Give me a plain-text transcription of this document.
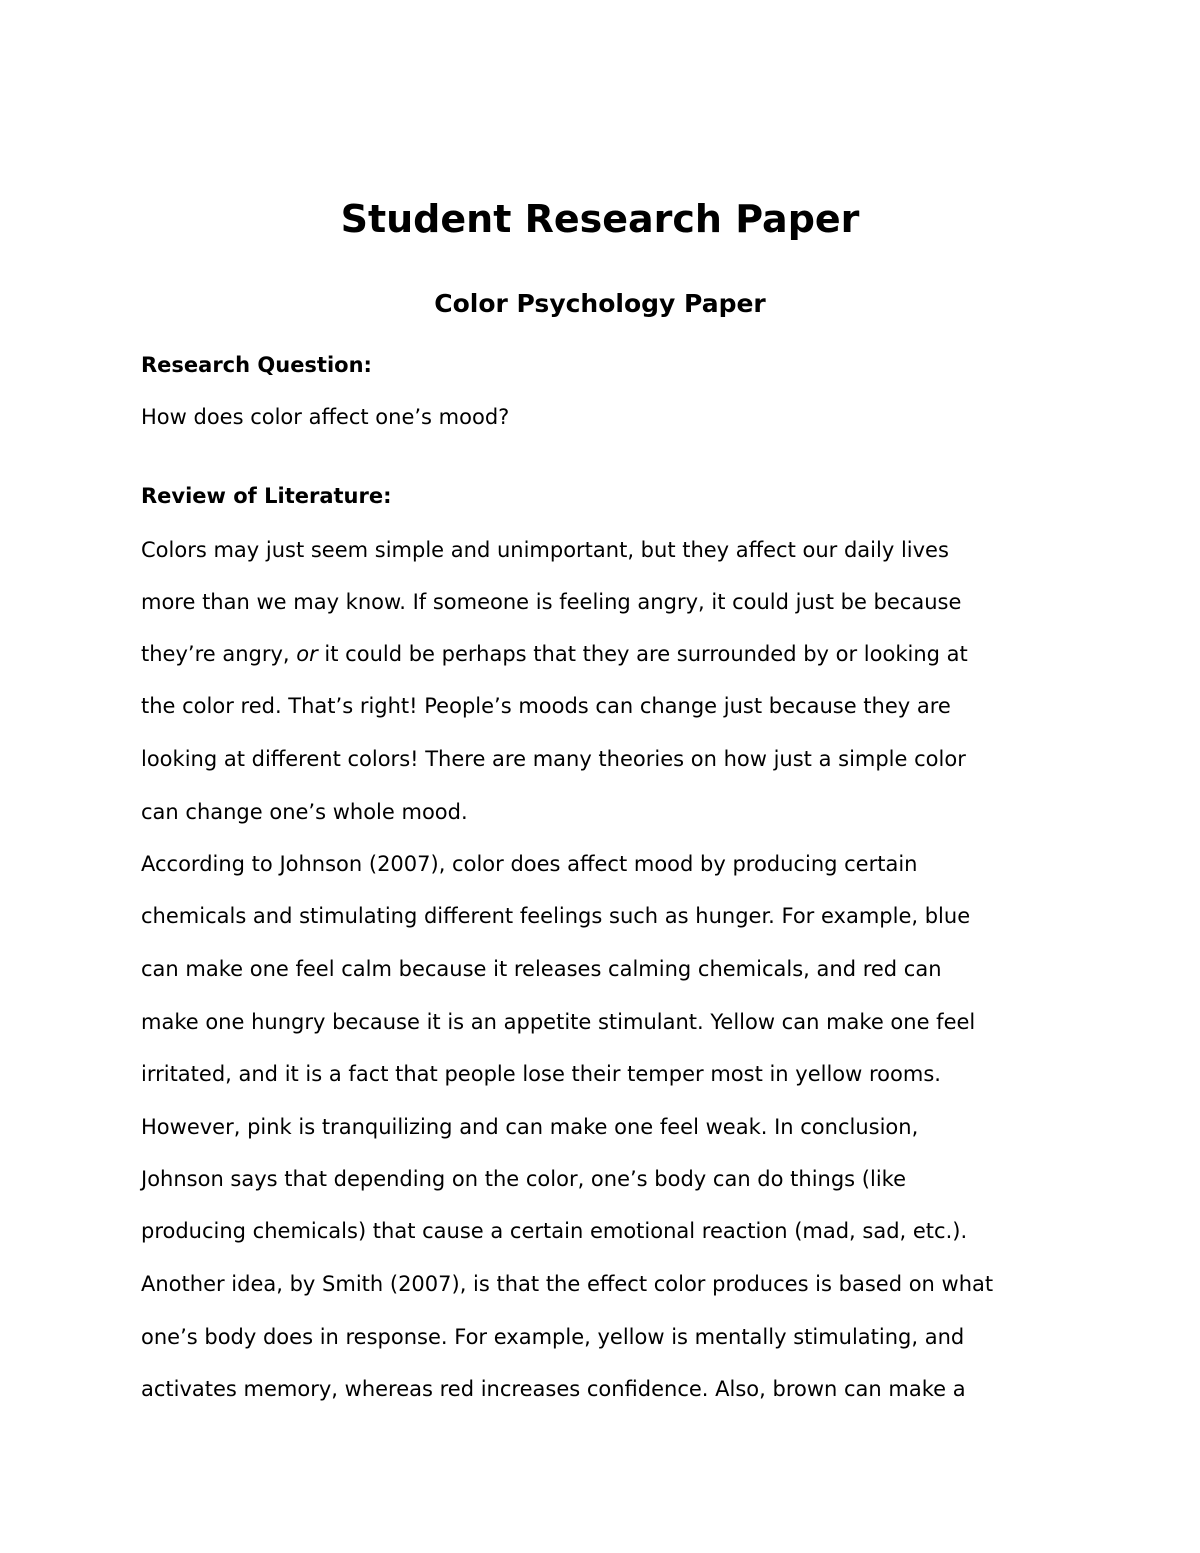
Student Research Paper
Color Psychology Paper
Research Question:
How does color affect one’s mood?
Review of Literature:
Colors may just seem simple and unimportant, but they affect our daily lives
more than we may know. If someone is feeling angry, it could just be because
they’re angry, or it could be perhaps that they are surrounded by or looking at
the color red. That’s right! People’s moods can change just because they are
looking at different colors! There are many theories on how just a simple color
can change one’s whole mood.
According to Johnson (2007), color does affect mood by producing certain
chemicals and stimulating different feelings such as hunger. For example, blue
can make one feel calm because it releases calming chemicals, and red can
make one hungry because it is an appetite stimulant. Yellow can make one feel
irritated, and it is a fact that people lose their temper most in yellow rooms.
However, pink is tranquilizing and can make one feel weak. In conclusion,
Johnson says that depending on the color, one’s body can do things (like
producing chemicals) that cause a certain emotional reaction (mad, sad, etc.).
Another idea, by Smith (2007), is that the effect color produces is based on what
one’s body does in response. For example, yellow is mentally stimulating, and
activates memory, whereas red increases confidence. Also, brown can make a
